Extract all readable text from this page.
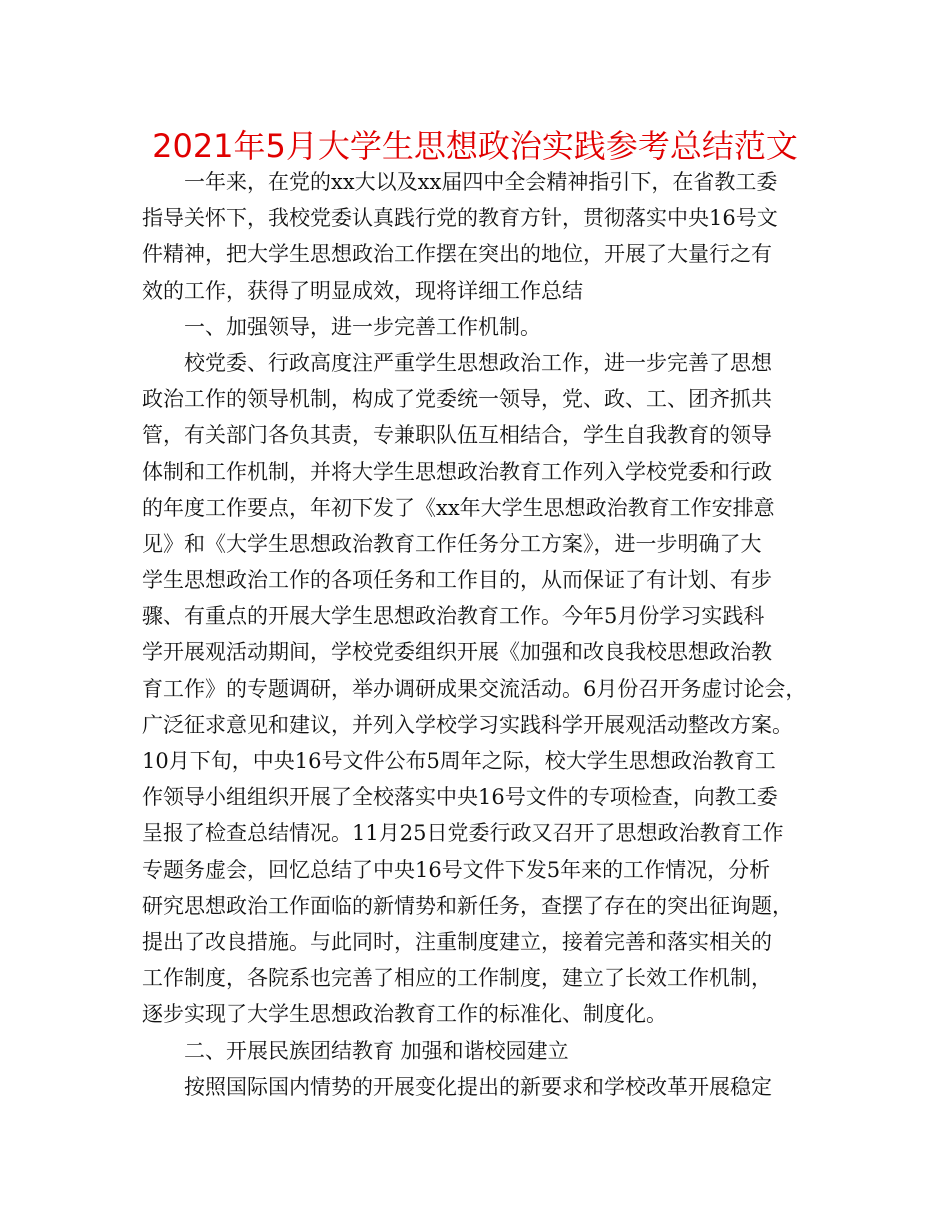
2021年5月大学生思想政治实践参考总结范文
一年来，在党的xx大以及xx届四中全会精神指引下，在省教工委
指导关怀下，我校党委认真践行党的教育方针，贯彻落实中央16号文
件精神，把大学生思想政治工作摆在突出的地位，开展了大量行之有
效的工作，获得了明显成效，现将详细工作总结
一、加强领导，进一步完善工作机制。
校党委、行政高度注严重学生思想政治工作，进一步完善了思想
政治工作的领导机制，构成了党委统一领导，党、政、工、团齐抓共
管，有关部门各负其责，专兼职队伍互相结合，学生自我教育的领导
体制和工作机制，并将大学生思想政治教育工作列入学校党委和行政
的年度工作要点，年初下发了《xx年大学生思想政治教育工作安排意
见》和《大学生思想政治教育工作任务分工方案》，进一步明确了大
学生思想政治工作的各项任务和工作目的，从而保证了有计划、有步
骤、有重点的开展大学生思想政治教育工作。今年5月份学习实践科
学开展观活动期间，学校党委组织开展《加强和改良我校思想政治教
育工作》的专题调研，举办调研成果交流活动。6月份召开务虚讨论会，
广泛征求意见和建议，并列入学校学习实践科学开展观活动整改方案。
10月下旬，中央16号文件公布5周年之际，校大学生思想政治教育工
作领导小组组织开展了全校落实中央16号文件的专项检查，向教工委
呈报了检查总结情况。11月25日党委行政又召开了思想政治教育工作
专题务虚会，回忆总结了中央16号文件下发5年来的工作情况，分析
研究思想政治工作面临的新情势和新任务，查摆了存在的突出征询题，
提出了改良措施。与此同时，注重制度建立，接着完善和落实相关的
工作制度，各院系也完善了相应的工作制度，建立了长效工作机制，
逐步实现了大学生思想政治教育工作的标准化、制度化。
二、开展民族团结教育 加强和谐校园建立
按照国际国内情势的开展变化提出的新要求和学校改革开展稳定
